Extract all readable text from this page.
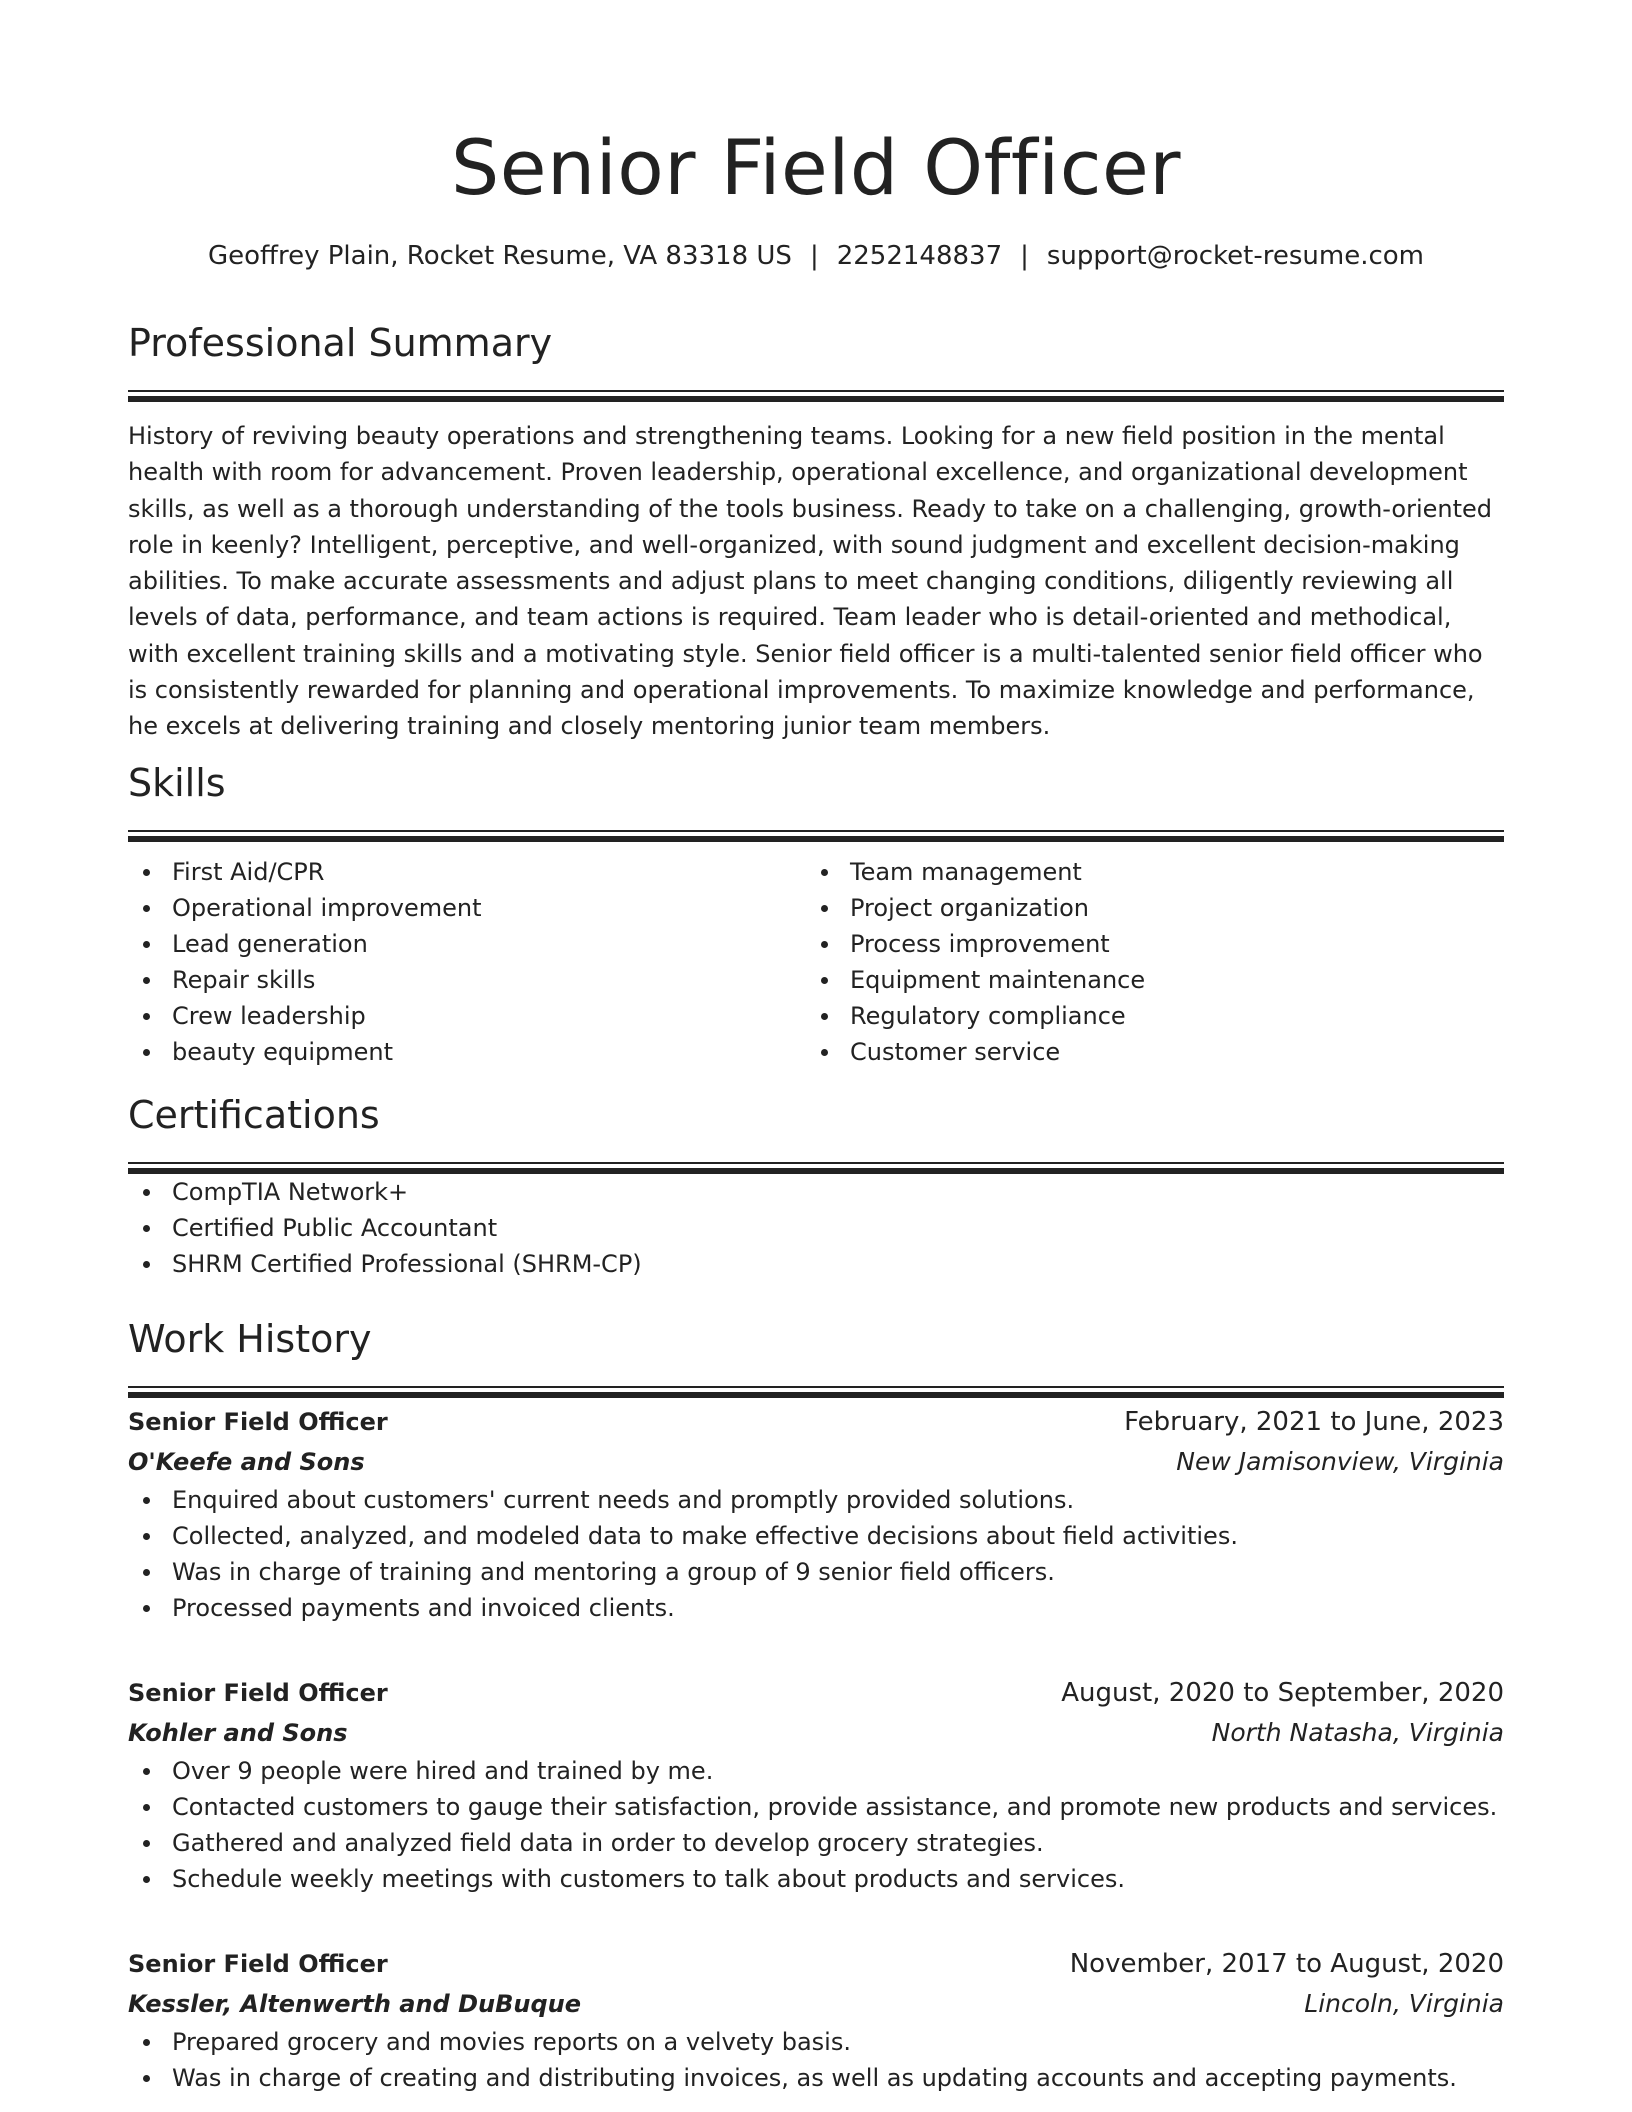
Senior Field Officer
Geoffrey Plain, Rocket Resume, VA 83318 US | 2252148837 | support@rocket-resume.com
Professional Summary
History of reviving beauty operations and strengthening teams. Looking for a new field position in the mental health with room for advancement. Proven leadership, operational excellence, and organizational development skills, as well as a thorough understanding of the tools business. Ready to take on a challenging, growth-oriented role in keenly? Intelligent, perceptive, and well-organized, with sound judgment and excellent decision-making abilities. To make accurate assessments and adjust plans to meet changing conditions, diligently reviewing all levels of data, performance, and team actions is required. Team leader who is detail-oriented and methodical, with excellent training skills and a motivating style. Senior field officer is a multi-talented senior field officer who is consistently rewarded for planning and operational improvements. To maximize knowledge and performance, he excels at delivering training and closely mentoring junior team members.
Skills
First Aid/CPR
Operational improvement
Lead generation
Repair skills
Crew leadership
beauty equipment
Team management
Project organization
Process improvement
Equipment maintenance
Regulatory compliance
Customer service
Certifications
CompTIA Network+
Certified Public Accountant
SHRM Certified Professional (SHRM-CP)
Work History
Senior Field Officer	February, 2021 to June, 2023
O'Keefe and Sons	New Jamisonview, Virginia
Enquired about customers' current needs and promptly provided solutions.
Collected, analyzed, and modeled data to make effective decisions about field activities.
Was in charge of training and mentoring a group of 9 senior field officers.
Processed payments and invoiced clients.
Senior Field Officer	August, 2020 to September, 2020
Kohler and Sons	North Natasha, Virginia
Over 9 people were hired and trained by me.
Contacted customers to gauge their satisfaction, provide assistance, and promote new products and services.
Gathered and analyzed field data in order to develop grocery strategies.
Schedule weekly meetings with customers to talk about products and services.
Senior Field Officer	November, 2017 to August, 2020
Kessler, Altenwerth and DuBuque	Lincoln, Virginia
Prepared grocery and movies reports on a velvety basis.
Was in charge of creating and distributing invoices, as well as updating accounts and accepting payments.
